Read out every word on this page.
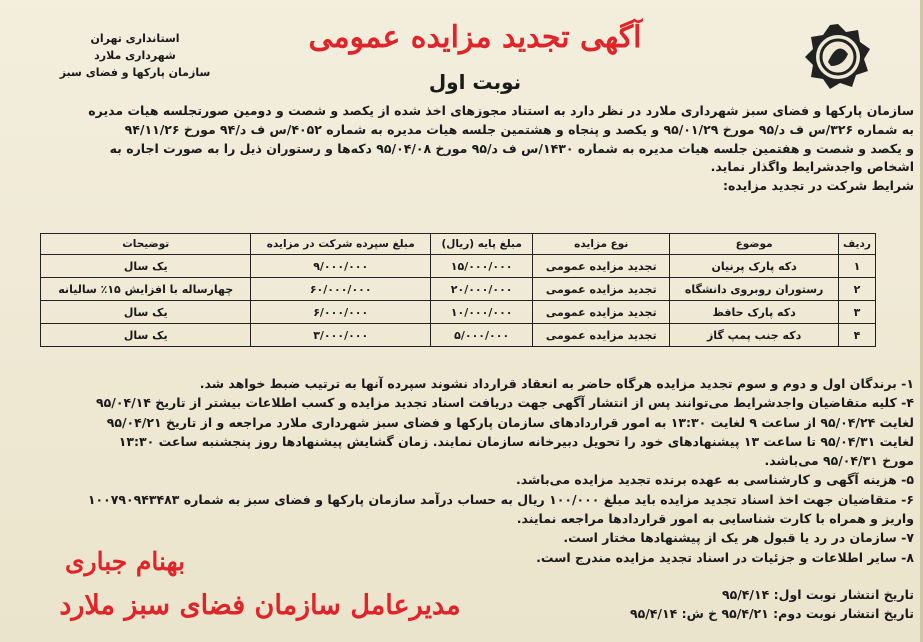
استانداری تهران
شهرداری ملارد
سازمان پارکها و فضای سبز
آگهی تجدید مزایده عمومی
نوبت اول

سازمان پارکها و فضای سبز شهرداری ملارد در نظر دارد به استناد مجوزهای اخذ شده از یکصد و شصت و دومین صورتجلسه هیات مدیره

به شماره ۳۲۶/س ف د/۹۵ مورخ ۹۵/۰۱/۲۹ و یکصد و پنجاه و هشتمین جلسه هیات مدیره به شماره ۴۰۵۲/س ف د/۹۴ مورخ ۹۴/۱۱/۲۶

و یکصد و شصت و هفتمین جلسه هیات مدیره به شماره ۱۴۳۰/س ف د/۹۵ مورخ ۹۵/۰۴/۰۸ دکه‌ها و رستوران ذیل را به صورت اجاره به

اشخاص واجدشرایط واگذار نماید.

شرایط شرکت در تجدید مزایده:

ردیف	موضوع	نوع مزایده	مبلغ پایه (ریال)	مبلغ سپرده شرکت در مزایده	توضیحات
۱	دکه پارک پرنیان	تجدید مزایده عمومی	۱۵/۰۰۰/۰۰۰	۹/۰۰۰/۰۰۰	یک سال
۲	رستوران روبروی دانشگاه	تجدید مزایده عمومی	۲۰/۰۰۰/۰۰۰	۶۰/۰۰۰/۰۰۰	چهارساله با افزایش ۱۵٪ سالیانه
۳	دکه پارک حافظ	تجدید مزایده عمومی	۱۰/۰۰۰/۰۰۰	۶/۰۰۰/۰۰۰	یک سال
۴	دکه جنب پمپ گاز	تجدید مزایده عمومی	۵/۰۰۰/۰۰۰	۳/۰۰۰/۰۰۰	یک سال

۱- برندگان اول و دوم و سوم تجدید مزایده هرگاه حاضر به انعقاد قرارداد نشوند سپرده آنها به ترتیب ضبط خواهد شد.

۴- کلیه متقاضیان واجدشرایط می‌توانند پس از انتشار آگهی جهت دریافت اسناد تجدید مزایده و کسب اطلاعات بیشتر از تاریخ ۹۵/۰۴/۱۴

لغایت ۹۵/۰۴/۲۴ از ساعت ۹ لغایت ۱۳:۳۰ به امور قراردادهای سازمان پارکها و فضای سبز شهرداری ملارد مراجعه و از تاریخ ۹۵/۰۴/۲۱

لغایت ۹۵/۰۴/۳۱ تا ساعت ۱۳ پیشنهادهای خود را تحویل دبیرخانه سازمان نمایند. زمان گشایش پیشنهادها روز پنجشنبه ساعت ۱۳:۳۰

مورخ ۹۵/۰۴/۳۱ می‌باشد.

۵- هزینه آگهی و کارشناسی به عهده برنده تجدید مزایده می‌باشد.

۶- متقاضیان جهت اخذ اسناد تجدید مزایده باید مبلغ ۱۰۰/۰۰۰ ریال به حساب درآمد سازمان پارکها و فضای سبز به شماره ۱۰۰۷۹۰۹۴۳۴۸۳

واریز و همراه با کارت شناسایی به امور قراردادها مراجعه نمایند.

۷- سازمان در رد یا قبول هر یک از پیشنهادها مختار است.

۸- سایر اطلاعات و جزئیات در اسناد تجدید مزایده مندرج است.

بهنام جباری
مدیرعامل سازمان فضای سبز ملارد	تاریخ انتشار نوبت اول: ۹۵/۴/۱۴

تاریخ انتشار نوبت دوم: ۹۵/۴/۲۱ خ ش: ۹۵/۴/۱۴
